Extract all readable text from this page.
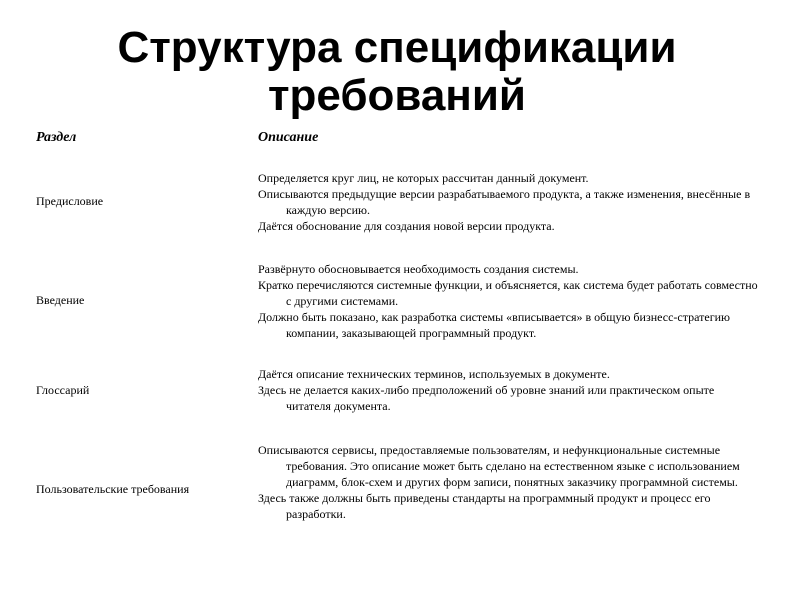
Структура спецификации
требований
Раздел	Описание
Предисловие
Определяется круг лиц, не которых рассчитан данный документ.
Описываются предыдущие версии разрабатываемого продукта, а также изменения, внесённые в каждую версию.
Даётся обоснование для создания новой версии продукта.
Введение
Развёрнуто обосновывается необходимость создания системы.
Кратко перечисляются системные функции, и объясняется, как система будет работать совместно с другими системами.
Должно быть показано, как разработка системы «вписывается» в общую бизнесс-стратегию компании, заказывающей программный продукт.
Глоссарий
Даётся описание технических терминов, используемых в документе.
Здесь не делается каких-либо предположений об уровне знаний или практическом опыте читателя документа.
Пользовательские требования
Описываются сервисы, предоставляемые пользователям, и нефункциональные системные требования. Это описание может быть сделано на естественном языке с использованием диаграмм, блок-схем и других форм записи, понятных заказчику программной системы.
Здесь также должны быть приведены стандарты на программный продукт и процесс его разработки.
